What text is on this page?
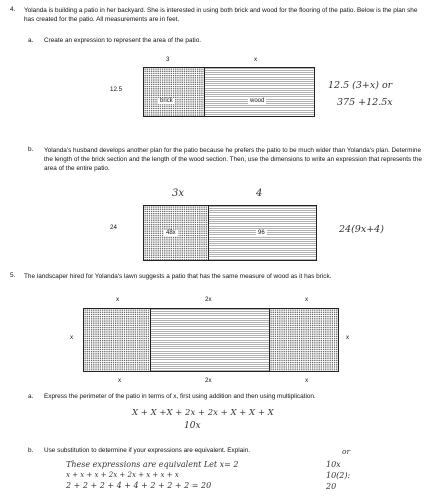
4. Yolanda is building a patio in her backyard. She is interested in using both brick and wood for the flooring of the patio. Below is the plan she has created for the patio. All measurements are in feet.
a. Create an expression to represent the area of the patio.
3	x
12.5
brick	wood
12.5 (3+x) or
375 +12.5x
b. Yolanda's husband develops another plan for the patio because he prefers the patio to be much wider than Yolanda's plan. Determine the length of the brick section and the length of the wood section. Then, use the dimensions to write an expression that represents the area of the entire patio.
3x	4
24
48x	96	24(9x+4)
5. The landscaper hired for Yolanda's lawn suggests a patio that has the same measure of wood as it has brick.
x	2x	x
x	x
x	2x	x
a. Express the perimeter of the patio in terms of x, first using addition and then using multiplication.
X + X +X + 2x + 2x + X + X + X
10x
b. Use substitution to determine if your expressions are equivalent. Explain.
These expressions are equivalent Let x= 2
x + x + x + 2x + 2x + x + x + x
2 + 2 + 2 + 4 + 4 + 2 + 2 + 2 = 20
or
10x
10(2):
20
